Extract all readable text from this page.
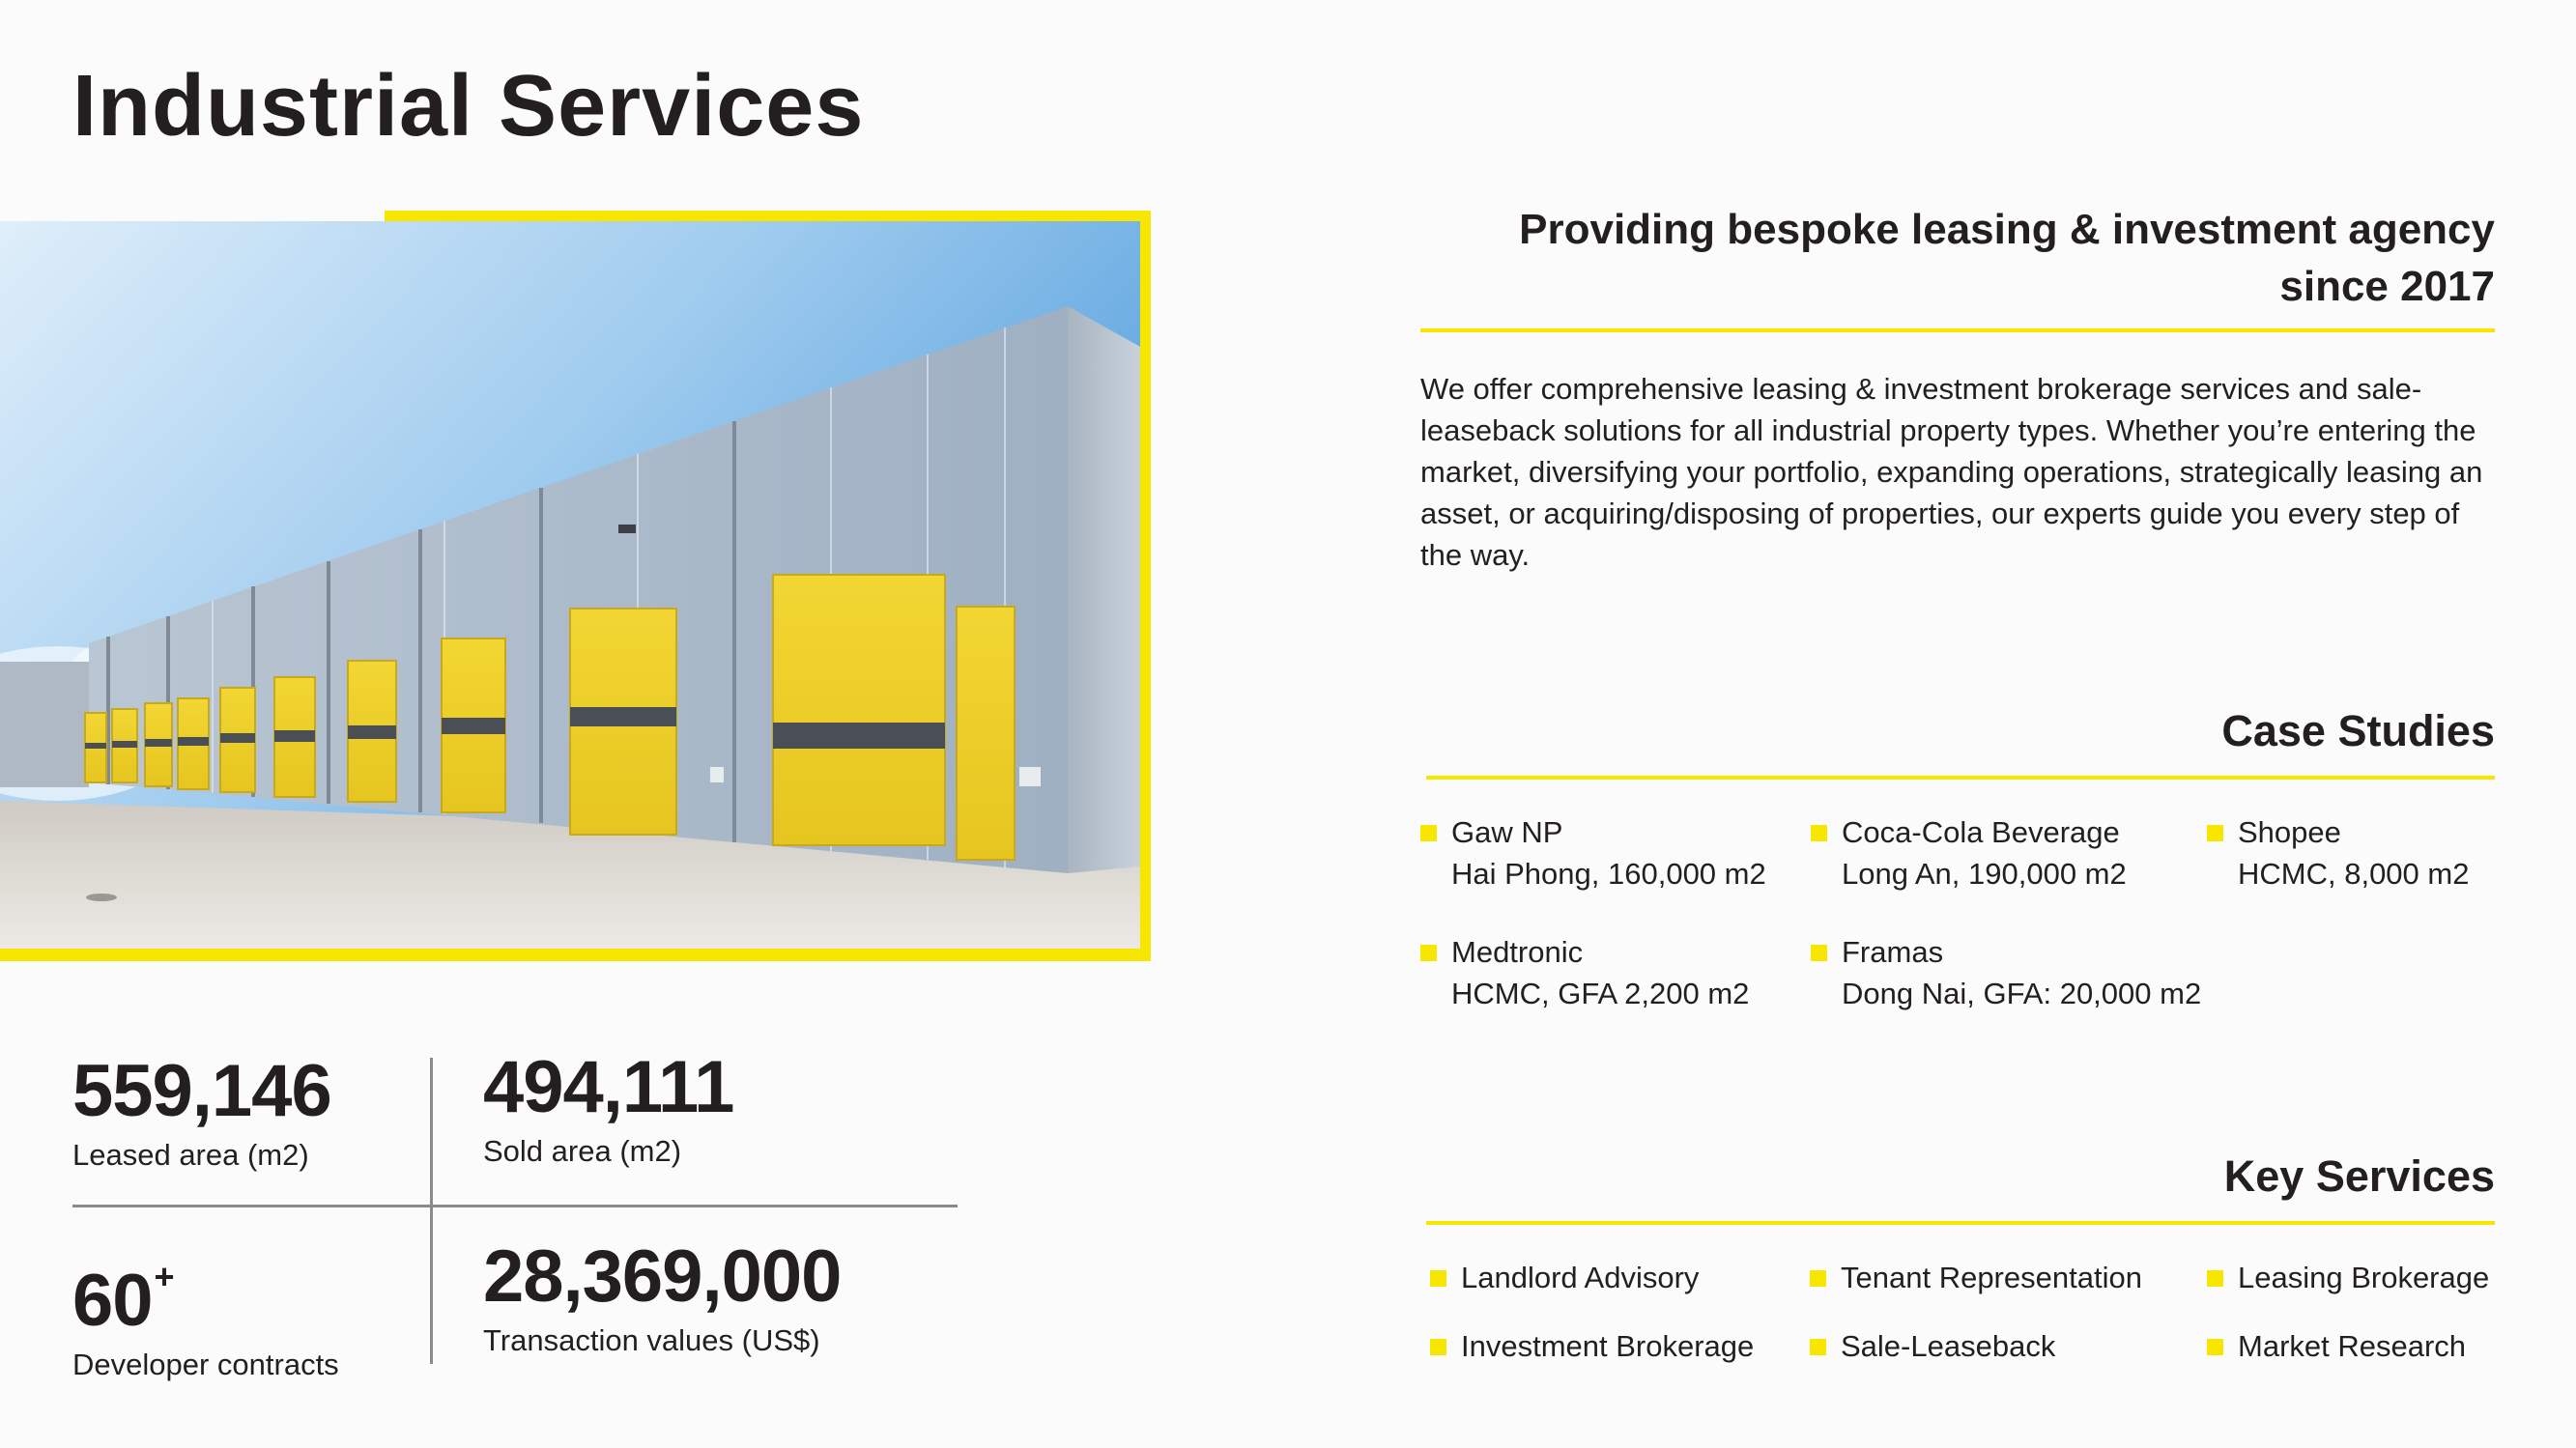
Industrial Services

Providing bespoke leasing & investment agency since 2017

We offer comprehensive leasing & investment brokerage services and sale-leaseback solutions for all industrial property types. Whether you’re entering the market, diversifying your portfolio, expanding operations, strategically leasing an asset, or acquiring/disposing of properties, our experts guide you every step of the way.

Case Studies
Gaw NP
Hai Phong, 160,000 m2
Coca-Cola Beverage
Long An, 190,000 m2
Shopee
HCMC, 8,000 m2
Medtronic
HCMC, GFA 2,200 m2
Framas
Dong Nai, GFA: 20,000 m2
Key Services
Landlord Advisory	Tenant Representation	Leasing Brokerage
Investment Brokerage	Sale-Leaseback	Market Research
559,146
Leased area (m2)
494,111
Sold area (m2)
60+
Developer contracts
28,369,000
Transaction values (US$)
